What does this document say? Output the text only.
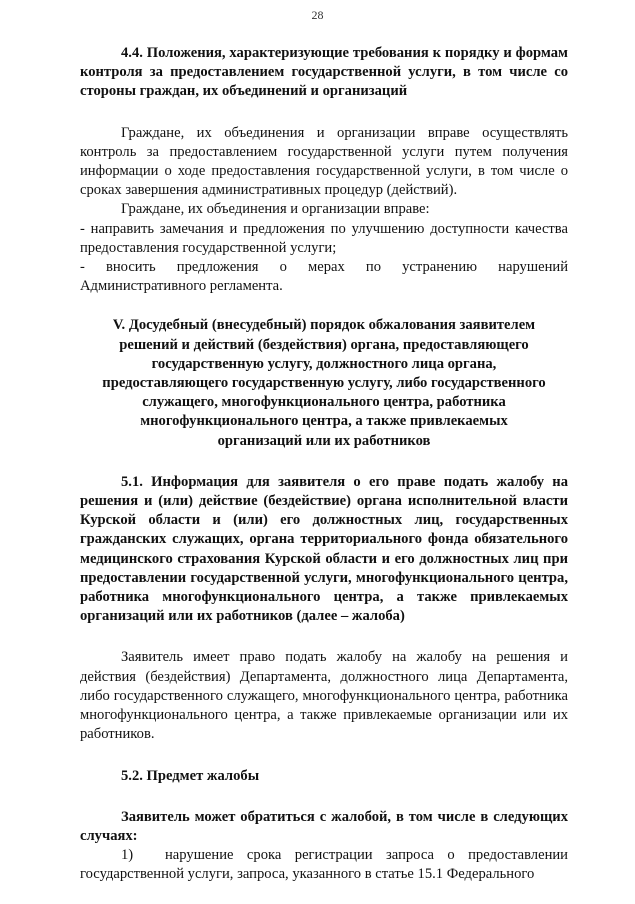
28

4.4. Положения, характеризующие требования к порядку и формам контроля за предоставлением государственной услуги, в том числе со стороны граждан, их объединений и организаций

Граждане, их объединения и организации вправе осуществлять контроль за предоставлением государственной услуги путем получения информации о ходе предоставления государственной услуги, в том числе о сроках завершения административных процедур (действий).

Граждане, их объединения и организации вправе:

- направить замечания и предложения по улучшению доступности качества предоставления государственной услуги;

- вносить предложения о мерах по устранению нарушений Административного регламента.

V. Досудебный (внесудебный) порядок обжалования заявителем
решений и действий (бездействия) органа, предоставляющего
государственную услугу, должностного лица органа,
предоставляющего государственную услугу, либо государственного
служащего, многофункционального центра, работника
многофункционального центра, а также привлекаемых
организаций или их работников

5.1. Информация для заявителя о его праве подать жалобу на решения и (или) действие (бездействие) органа исполнительной власти Курской области и (или) его должностных лиц, государственных гражданских служащих, органа территориального фонда обязательного медицинского страхования Курской области и его должностных лиц при предоставлении государственной услуги, многофункционального центра, работника многофункционального центра, а также привлекаемых организаций или их работников (далее – жалоба)

Заявитель имеет право подать жалобу на жалобу на решения и действия (бездействия) Департамента, должностного лица Департамента, либо государственного служащего, многофункционального центра, работника многофункционального центра, а также привлекаемые организации или их работников.

5.2. Предмет жалобы

Заявитель может обратиться с жалобой, в том числе в следующих случаях:

1) нарушение срока регистрации запроса о предоставлении государственной услуги, запроса, указанного в статье 15.1 Федерального
